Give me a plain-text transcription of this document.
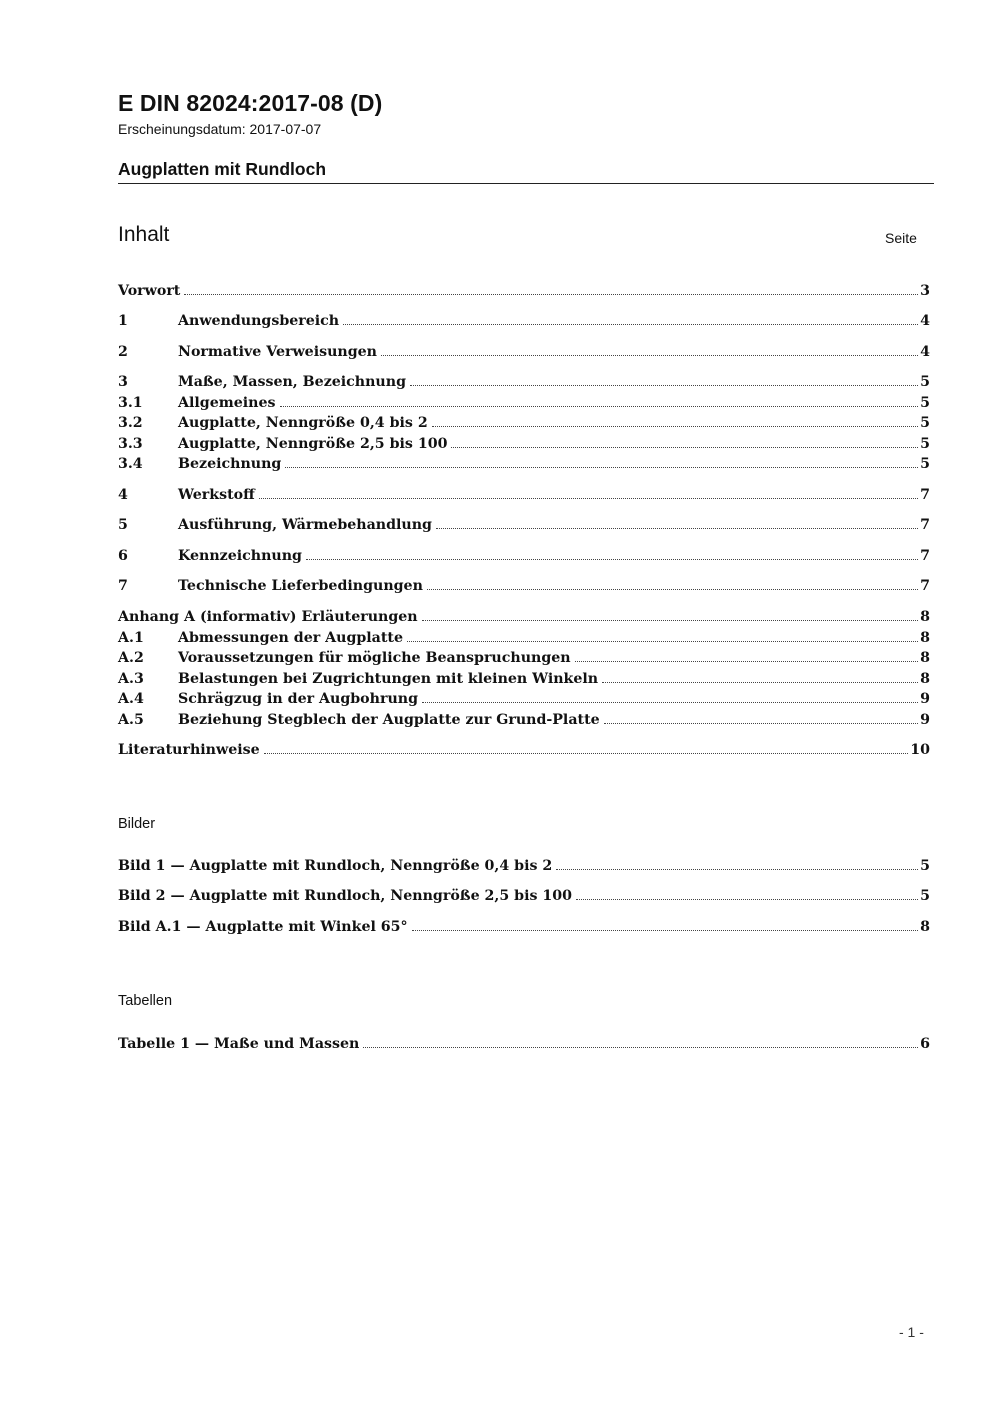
E DIN 82024:2017-08 (D)
Erscheinungsdatum: 2017-07-07
Augplatten mit Rundloch
Inhalt	Seite
Vorwort	3
1	Anwendungsbereich	4
2	Normative Verweisungen	4
3	Maße, Massen, Bezeichnung	5
3.1	Allgemeines	5
3.2	Augplatte, Nenngröße 0,4 bis 2	5
3.3	Augplatte, Nenngröße 2,5 bis 100	5
3.4	Bezeichnung	5
4	Werkstoff	7
5	Ausführung, Wärmebehandlung	7
6	Kennzeichnung	7
7	Technische Lieferbedingungen	7
Anhang A (informativ) Erläuterungen	8
A.1	Abmessungen der Augplatte	8
A.2	Voraussetzungen für mögliche Beanspruchungen	8
A.3	Belastungen bei Zugrichtungen mit kleinen Winkeln	8
A.4	Schrägzug in der Augbohrung	9
A.5	Beziehung Stegblech der Augplatte zur Grund-Platte	9
Literaturhinweise	10
Bilder
Bild 1 — Augplatte mit Rundloch, Nenngröße 0,4 bis 2	5
Bild 2 — Augplatte mit Rundloch, Nenngröße 2,5 bis 100	5
Bild A.1 — Augplatte mit Winkel 65°	8
Tabellen
Tabelle 1 — Maße und Massen	6
- 1 -
